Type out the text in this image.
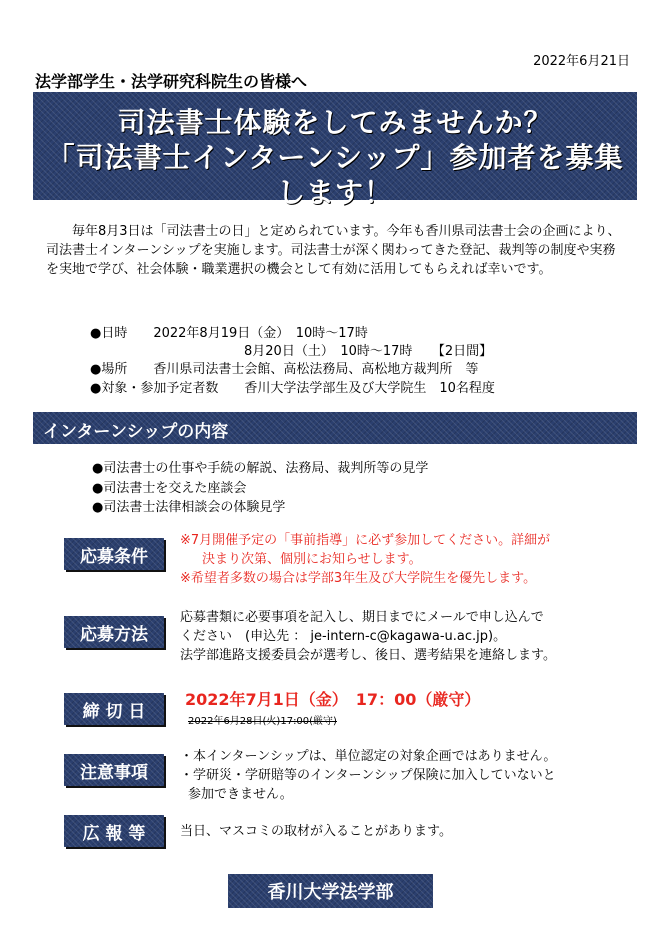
2022年6月21日
法学部学生・法学研究科院生の皆様へ
司法書士体験をしてみませんか？
「司法書士インターンシップ」参加者を募集します！

毎年8月3日は「司法書士の日」と定められています。今年も香川県司法書士会の企画により、司法書士インターンシップを実施します。司法書士が深く関わってきた登記、裁判等の制度や実務を実地で学び、社会体験・職業選択の機会として有効に活用してもらえれば幸いです。

●日時　　2022年8月19日（金）　10時～17時
8月20日（土）　10時～17時　　【2日間】
●場所　　香川県司法書士会館、高松法務局、高松地方裁判所　等
●対象・参加予定者数　　香川大学法学部生及び大学院生　10名程度
インターンシップの内容
●司法書士の仕事や手続の解説、法務局、裁判所等の見学
●司法書士を交えた座談会
●司法書士法律相談会の体験見学
応募条件
※7月開催予定の「事前指導」に必ず参加してください。詳細が
決まり次第、個別にお知らせします。
※希望者多数の場合は学部3年生及び大学院生を優先します。
応募方法
応募書類に必要事項を記入し、期日までにメールで申し込んで
ください　(申込先 ： je-intern-c@kagawa-u.ac.jp)。
法学部進路支援委員会が選考し、後日、選考結果を連絡します。
締 切 日
2022年7月1日（金）　17：00（厳守）
2022年6月28日(火)17:00(厳守)
注意事項
・本インターンシップは、単位認定の対象企画ではありません。
・学研災・学研賠等のインターンシップ保険に加入していないと
参加できません。
広 報 等	当日、マスコミの取材が入ることがあります。
香川大学法学部
